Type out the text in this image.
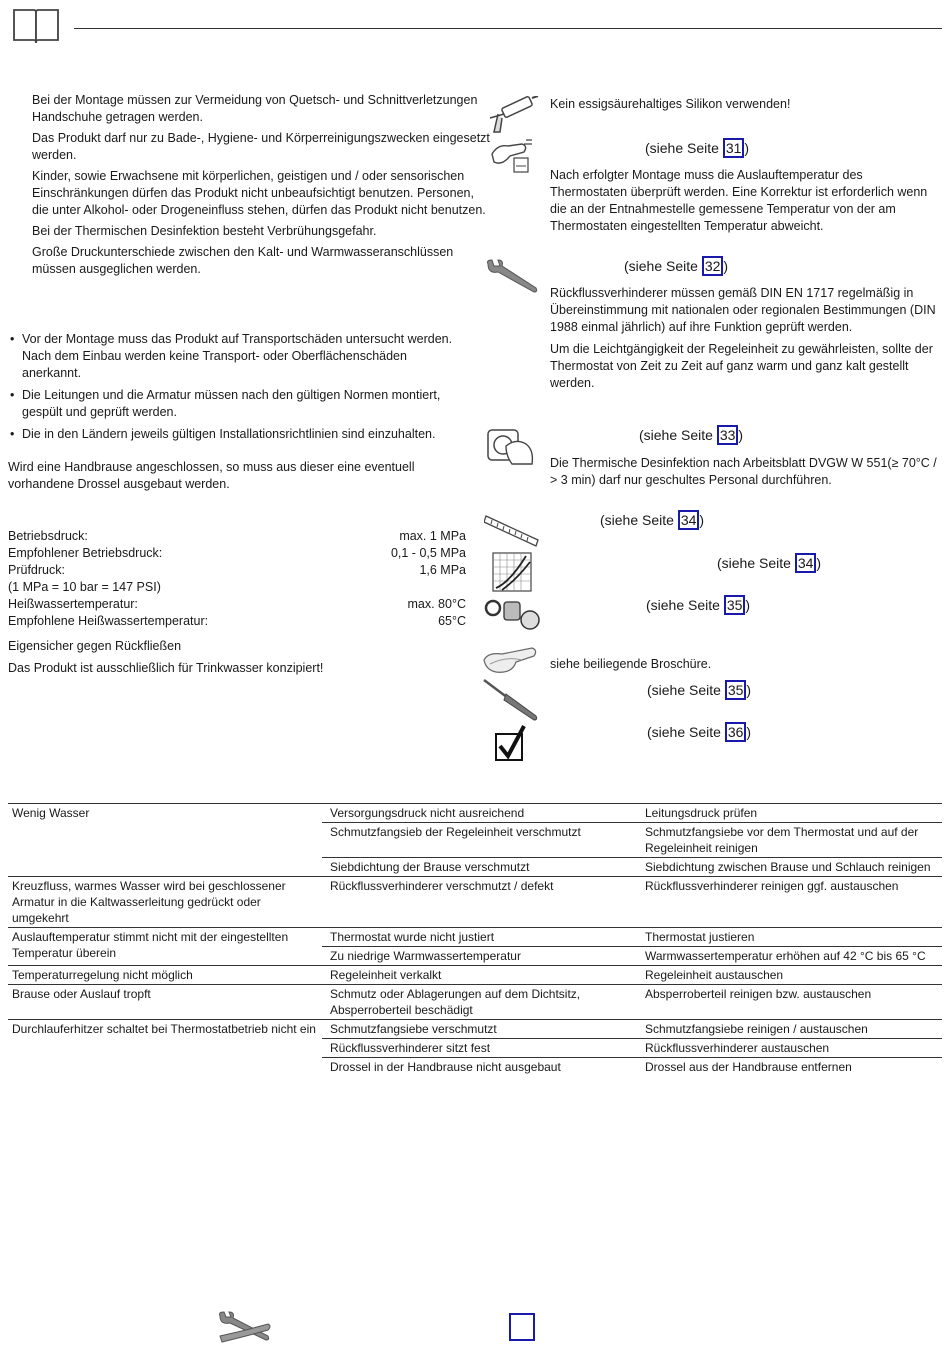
Bei der Montage müssen zur Vermeidung von Quetsch- und Schnittverletzungen Handschuhe getragen werden.

Das Produkt darf nur zu Bade-, Hygiene- und Körperreinigungszwecken eingesetzt werden.

Kinder, sowie Erwachsene mit körperlichen, geistigen und / oder sensorischen Einschränkungen dürfen das Produkt nicht unbeaufsichtigt benutzen. Personen, die unter Alkohol- oder Drogeneinfluss stehen, dürfen das Produkt nicht benutzen.

Bei der Thermischen Desinfektion besteht Verbrühungsgefahr.

Große Druckunterschiede zwischen den Kalt- und Warmwasseranschlüssen müssen ausgeglichen werden.

• Vor der Montage muss das Produkt auf Transportschäden untersucht werden. Nach dem Einbau werden keine Transport- oder Oberflächenschäden anerkannt.
• Die Leitungen und die Armatur müssen nach den gültigen Normen montiert, gespült und geprüft werden.
• Die in den Ländern jeweils gültigen Installationsrichtlinien sind einzuhalten.

Wird eine Handbrause angeschlossen, so muss aus dieser eine eventuell vorhandene Drossel ausgebaut werden.

Betriebsdruck:	max. 1 MPa
Empfohlener Betriebsdruck:	0,1 - 0,5 MPa
Prüfdruck:	1,6 MPa
(1 MPa = 10 bar = 147 PSI)
Heißwassertemperatur:	max. 80°C
Empfohlene Heißwassertemperatur:	65°C

Eigensicher gegen Rückfließen

Das Produkt ist ausschließlich für Trinkwasser konzipiert!

Kein essigsäurehaltiges Silikon verwenden!

(siehe Seite 31 )

Nach erfolgter Montage muss die Auslauftemperatur des Thermostaten überprüft werden. Eine Korrektur ist erforderlich wenn die an der Entnahmestelle gemessene Temperatur von der am Thermostaten eingestellten Temperatur abweicht.

(siehe Seite 32 )

Rückflussverhinderer müssen gemäß DIN EN 1717 regelmäßig in Übereinstimmung mit nationalen oder regionalen Bestimmungen (DIN 1988 einmal jährlich) auf ihre Funktion geprüft werden.

Um die Leichtgängigkeit der Regeleinheit zu gewährleisten, sollte der Thermostat von Zeit zu Zeit auf ganz warm und ganz kalt gestellt werden.

(siehe Seite 33 )

Die Thermische Desinfektion nach Arbeitsblatt DVGW W 551(≥ 70°C / > 3 min) darf nur geschultes Personal durchführen.

(siehe Seite 34 )
(siehe Seite 34 )
(siehe Seite 35 )

siehe beiliegende Broschüre.

(siehe Seite 35 )
(siehe Seite 36 )
Wenig Wasser	Versorgungsdruck nicht ausreichend	Leitungsdruck prüfen
	Schmutzfangsieb der Regeleinheit verschmutzt	Schmutzfangsiebe vor dem Thermostat und auf der Regeleinheit reinigen
	Siebdichtung der Brause verschmutzt	Siebdichtung zwischen Brause und Schlauch reinigen
Kreuzfluss, warmes Wasser wird bei geschlossener Armatur in die Kaltwasserleitung gedrückt oder umgekehrt	Rückflussverhinderer verschmutzt / defekt	Rückflussverhinderer reinigen ggf. austauschen
Auslauftemperatur stimmt nicht mit der eingestellten Temperatur überein	Thermostat wurde nicht justiert	Thermostat justieren
	Zu niedrige Warmwassertemperatur	Warmwassertemperatur erhöhen auf 42 °C bis 65 °C
Temperaturregelung nicht möglich	Regeleinheit verkalkt	Regeleinheit austauschen
Brause oder Auslauf tropft	Schmutz oder Ablagerungen auf dem Dichtsitz, Absperroberteil beschädigt	Absperroberteil reinigen bzw. austauschen
Durchlauferhitzer schaltet bei Thermostatbetrieb nicht ein	Schmutzfangsiebe verschmutzt	Schmutzfangsiebe reinigen / austauschen
	Rückflussverhinderer sitzt fest	Rückflussverhinderer austauschen
	Drossel in der Handbrause nicht ausgebaut	Drossel aus der Handbrause entfernen
